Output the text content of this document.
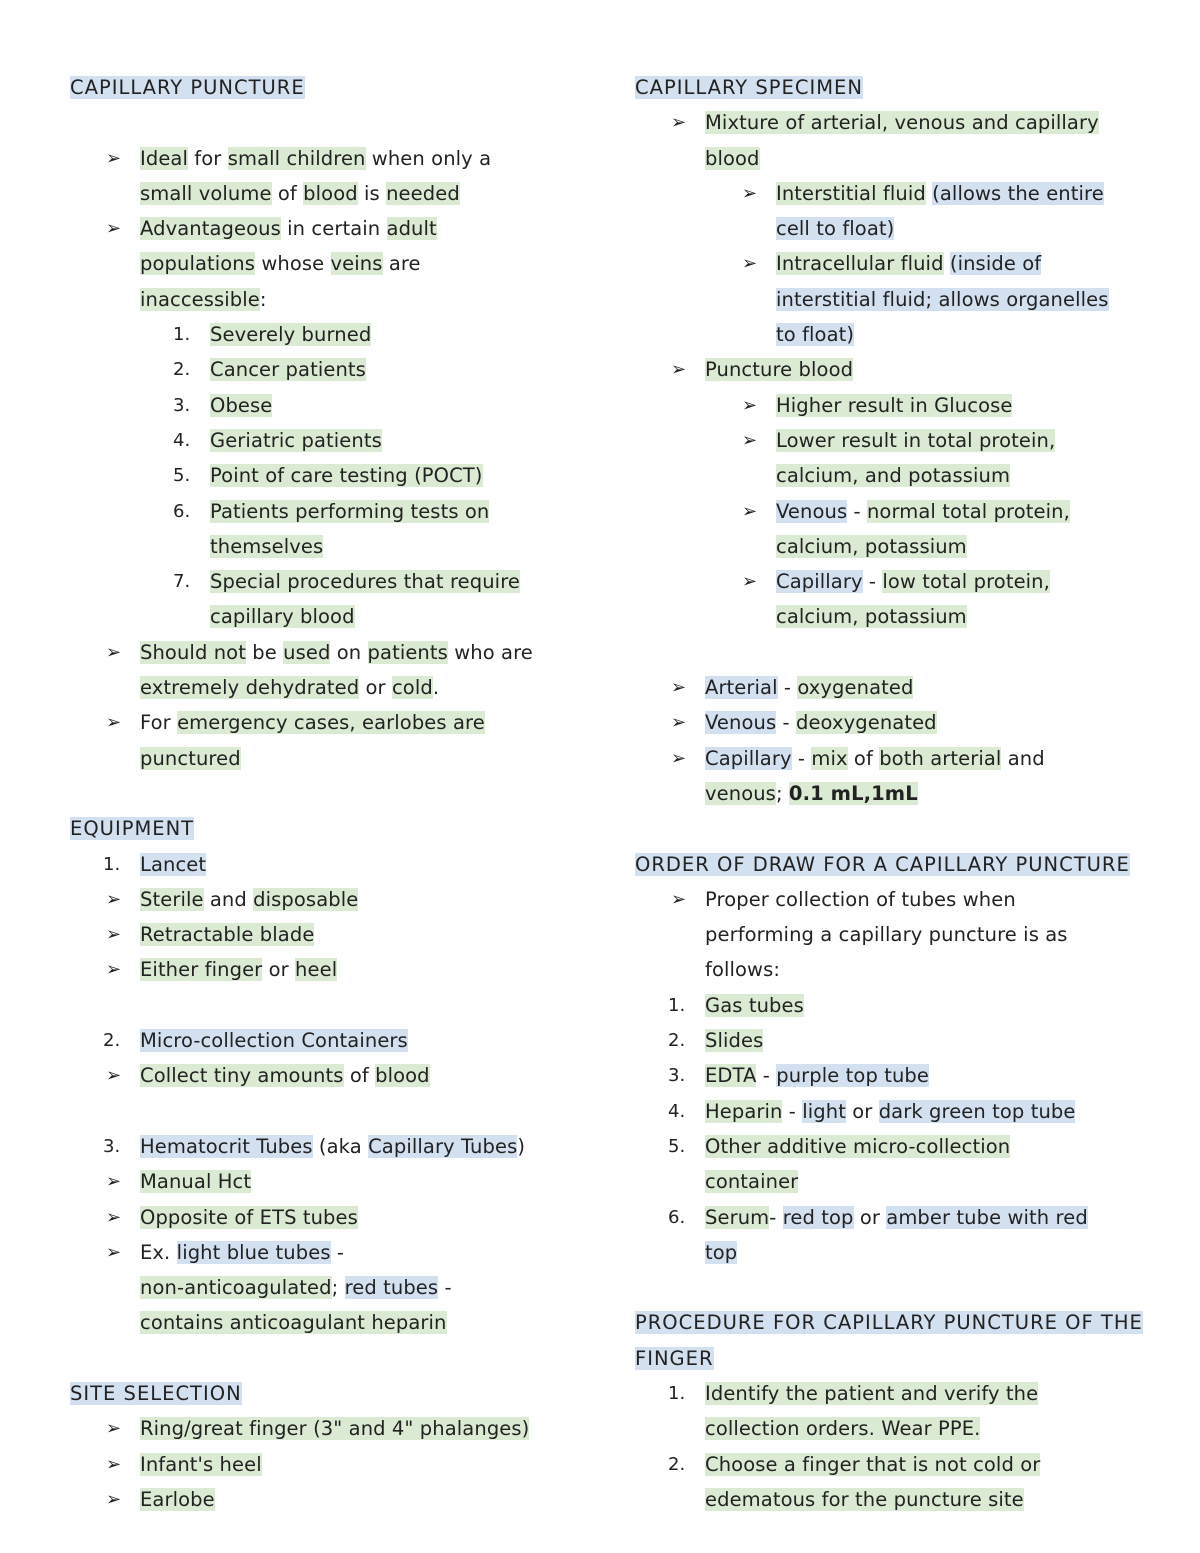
CAPILLARY PUNCTURE
➢ Ideal for small children when only a
small volume of blood is needed
➢ Advantageous in certain adult
populations whose veins are
inaccessible:
1. Severely burned
2. Cancer patients
3. Obese
4. Geriatric patients
5. Point of care testing (POCT)
6. Patients performing tests on
themselves
7. Special procedures that require
capillary blood
➢ Should not be used on patients who are
extremely dehydrated or cold.
➢ For emergency cases, earlobes are
punctured
EQUIPMENT
1. Lancet
➢ Sterile and disposable
➢ Retractable blade
➢ Either finger or heel
2. Micro-collection Containers
➢ Collect tiny amounts of blood
3. Hematocrit Tubes (aka Capillary Tubes)
➢ Manual Hct
➢ Opposite of ETS tubes
➢ Ex. light blue tubes -
non-anticoagulated; red tubes -
contains anticoagulant heparin
SITE SELECTION
➢ Ring/great finger (3" and 4" phalanges)
➢ Infant's heel
➢ Earlobe
CAPILLARY SPECIMEN
➢ Mixture of arterial, venous and capillary
blood
➢ Interstitial fluid (allows the entire
cell to float)
➢ Intracellular fluid (inside of
interstitial fluid; allows organelles
to float)
➢ Puncture blood
➢ Higher result in Glucose
➢ Lower result in total protein,
calcium, and potassium
➢ Venous - normal total protein,
calcium, potassium
➢ Capillary - low total protein,
calcium, potassium
➢ Arterial - oxygenated
➢ Venous - deoxygenated
➢ Capillary - mix of both arterial and
venous; 0.1 mL,1mL
ORDER OF DRAW FOR A CAPILLARY PUNCTURE
➢ Proper collection of tubes when
performing a capillary puncture is as
follows:
1. Gas tubes
2. Slides
3. EDTA - purple top tube
4. Heparin - light or dark green top tube
5. Other additive micro-collection
container
6. Serum- red top or amber tube with red
top
PROCEDURE FOR CAPILLARY PUNCTURE OF THE
FINGER
1. Identify the patient and verify the
collection orders. Wear PPE.
2. Choose a finger that is not cold or
edematous for the puncture site
